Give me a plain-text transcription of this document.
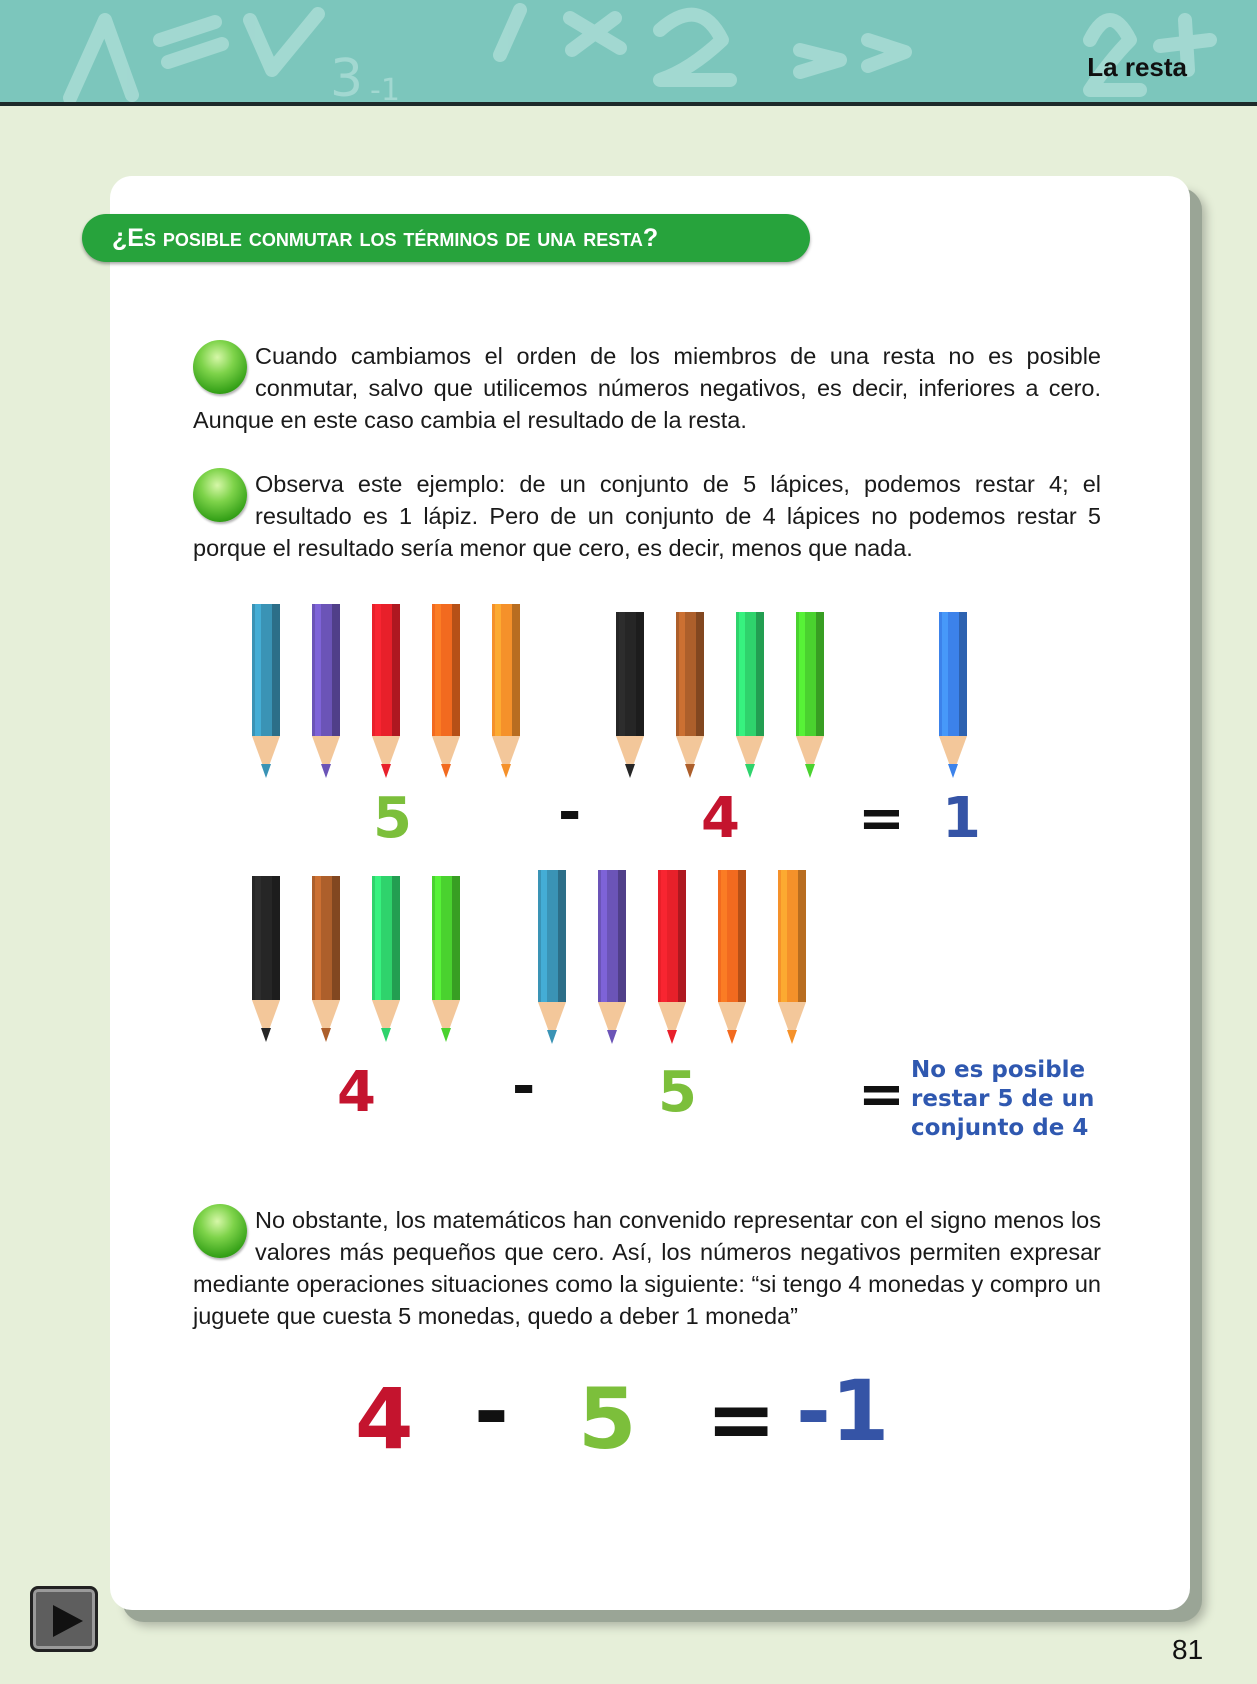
3 -1
La resta
¿Es posible conmutar los términos de una resta?
Cuando cambiamos el orden de los miembros de una resta no es posible conmutar, salvo que utilicemos números negativos, es decir, inferiores a cero. Aunque en este caso cambia el resultado de la resta.
Observa este ejemplo: de un conjunto de 5 lápices, podemos restar 4; el resultado es 1 lápiz. Pero de un conjunto de 4 lápices no podemos restar 5 porque el resultado sería menor que cero, es decir, menos que nada.
5	- 4 = 1
4 - 5	= No es posible restar 5 de un conjunto de 4
No obstante, los matemáticos han convenido representar con el signo menos los valores más pequeños que cero. Así, los números negativos permiten expresar mediante operaciones situaciones como la siguiente: “si tengo 4 monedas y compro un juguete que cuesta 5 monedas, quedo a deber 1 moneda”
4 - 5 = -1
81
